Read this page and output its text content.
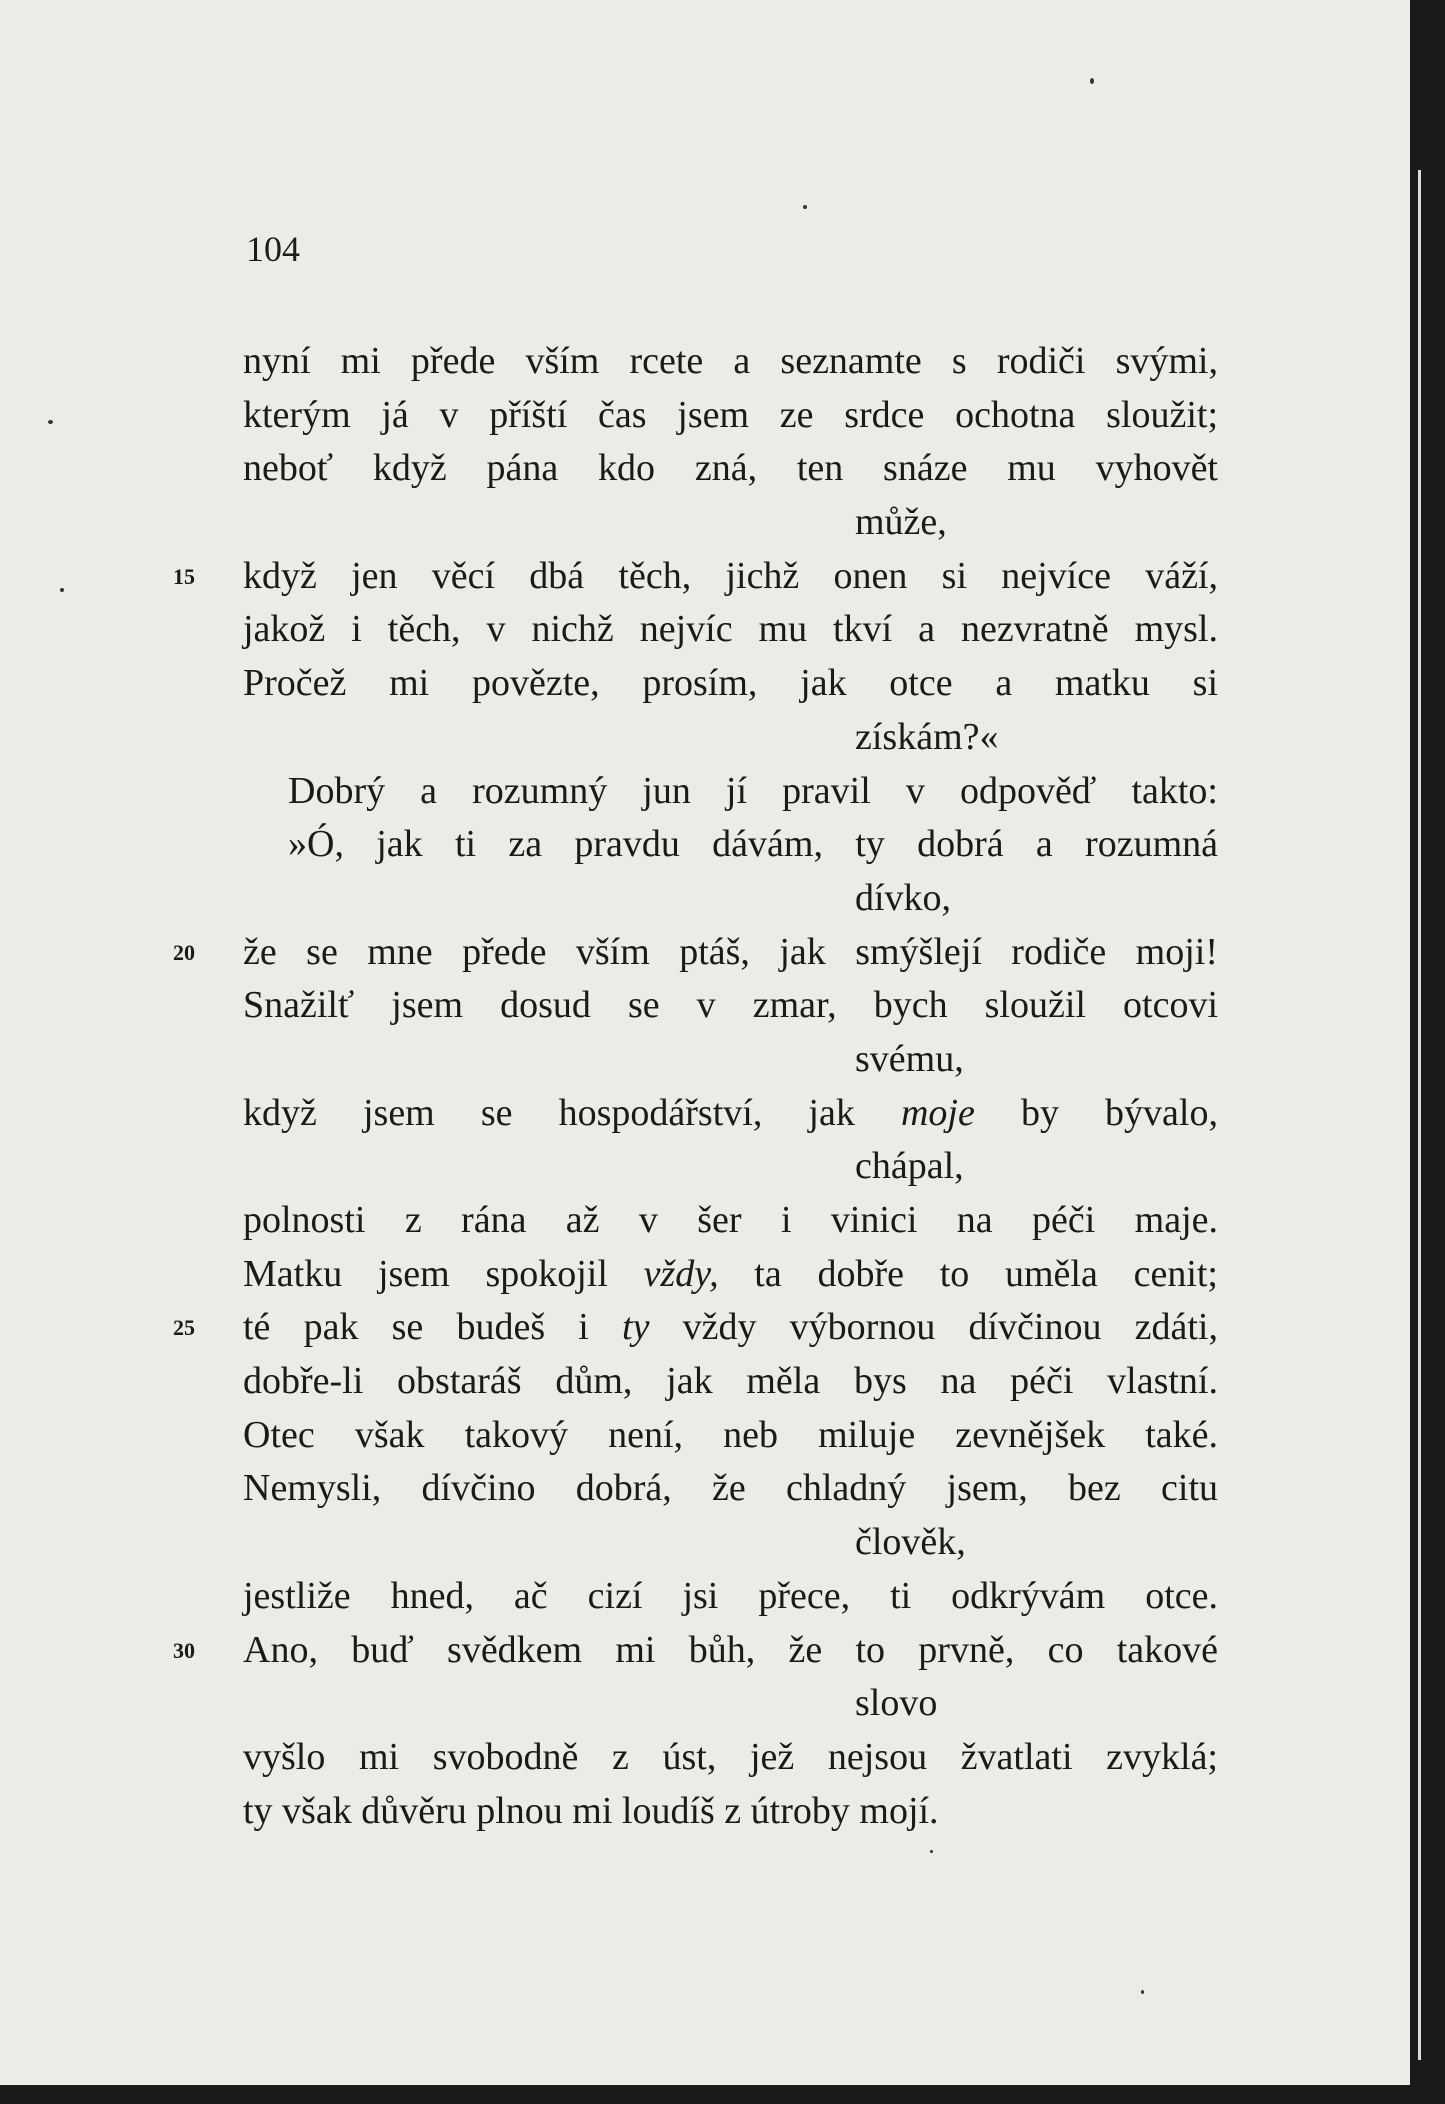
104
nyní mi přede vším rcete a seznamte s rodiči svými,
kterým já v příští čas jsem ze srdce ochotna sloužit;
neboť když pána kdo zná, ten snáze mu vyhovět
může,
15	když jen věcí dbá těch, jichž onen si nejvíce váží,
jakož i těch, v nichž nejvíc mu tkví a nezvratně mysl.
Pročež mi povězte, prosím, jak otce a matku si
získám?«
Dobrý a rozumný jun jí pravil v odpověď takto:
»Ó, jak ti za pravdu dávám, ty dobrá a rozumná
dívko,
20	že se mne přede vším ptáš, jak smýšlejí rodiče moji!
Snažilť jsem dosud se v zmar, bych sloužil otcovi
svému,
když jsem se hospodářství, jak moje by bývalo,
chápal,
polnosti z rána až v šer i vinici na péči maje.
Matku jsem spokojil vždy, ta dobře to uměla cenit;
25	té pak se budeš i ty vždy výbornou dívčinou zdáti,
dobře-li obstaráš dům, jak měla bys na péči vlastní.
Otec však takový není, neb miluje zevnějšek také.
Nemysli, dívčino dobrá, že chladný jsem, bez citu
člověk,
jestliže hned, ač cizí jsi přece, ti odkrývám otce.
30	Ano, buď svědkem mi bůh, že to prvně, co takové
slovo
vyšlo mi svobodně z úst, jež nejsou žvatlati zvyklá;
ty však důvěru plnou mi loudíš z útroby mojí.
